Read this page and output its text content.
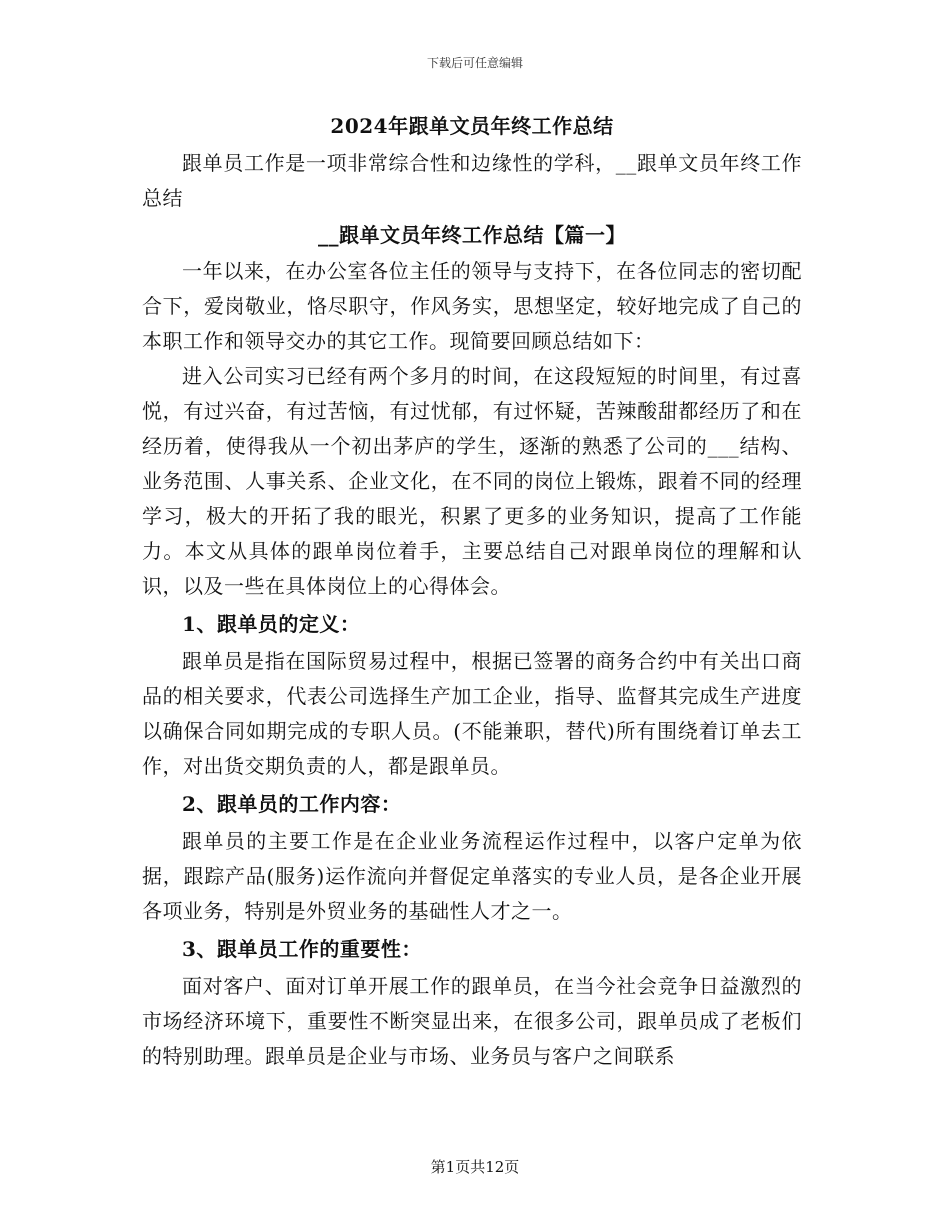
下载后可任意编辑
2024年跟单文员年终工作总结

跟单员工作是一项非常综合性和边缘性的学科，__跟单文员年终工作总结

__跟单文员年终工作总结【篇一】

一年以来，在办公室各位主任的领导与支持下，在各位同志的密切配合下，爱岗敬业，恪尽职守，作风务实，思想坚定，较好地完成了自己的本职工作和领导交办的其它工作。现简要回顾总结如下：

进入公司实习已经有两个多月的时间，在这段短短的时间里，有过喜悦，有过兴奋，有过苦恼，有过忧郁，有过怀疑，苦辣酸甜都经历了和在经历着，使得我从一个初出茅庐的学生，逐渐的熟悉了公司的___结构、业务范围、人事关系、企业文化，在不同的岗位上锻炼，跟着不同的经理学习，极大的开拓了我的眼光，积累了更多的业务知识，提高了工作能力。本文从具体的跟单岗位着手，主要总结自己对跟单岗位的理解和认识，以及一些在具体岗位上的心得体会。

1、跟单员的定义：

跟单员是指在国际贸易过程中，根据已签署的商务合约中有关出口商品的相关要求，代表公司选择生产加工企业，指导、监督其完成生产进度以确保合同如期完成的专职人员。(不能兼职，替代)所有围绕着订单去工作，对出货交期负责的人，都是跟单员。

2、跟单员的工作内容：

跟单员的主要工作是在企业业务流程运作过程中，以客户定单为依据，跟踪产品(服务)运作流向并督促定单落实的专业人员，是各企业开展各项业务，特别是外贸业务的基础性人才之一。

3、跟单员工作的重要性：

面对客户、面对订单开展工作的跟单员，在当今社会竞争日益激烈的市场经济环境下，重要性不断突显出来，在很多公司，跟单员成了老板们的特别助理。跟单员是企业与市场、业务员与客户之间联系

第1页共12页
